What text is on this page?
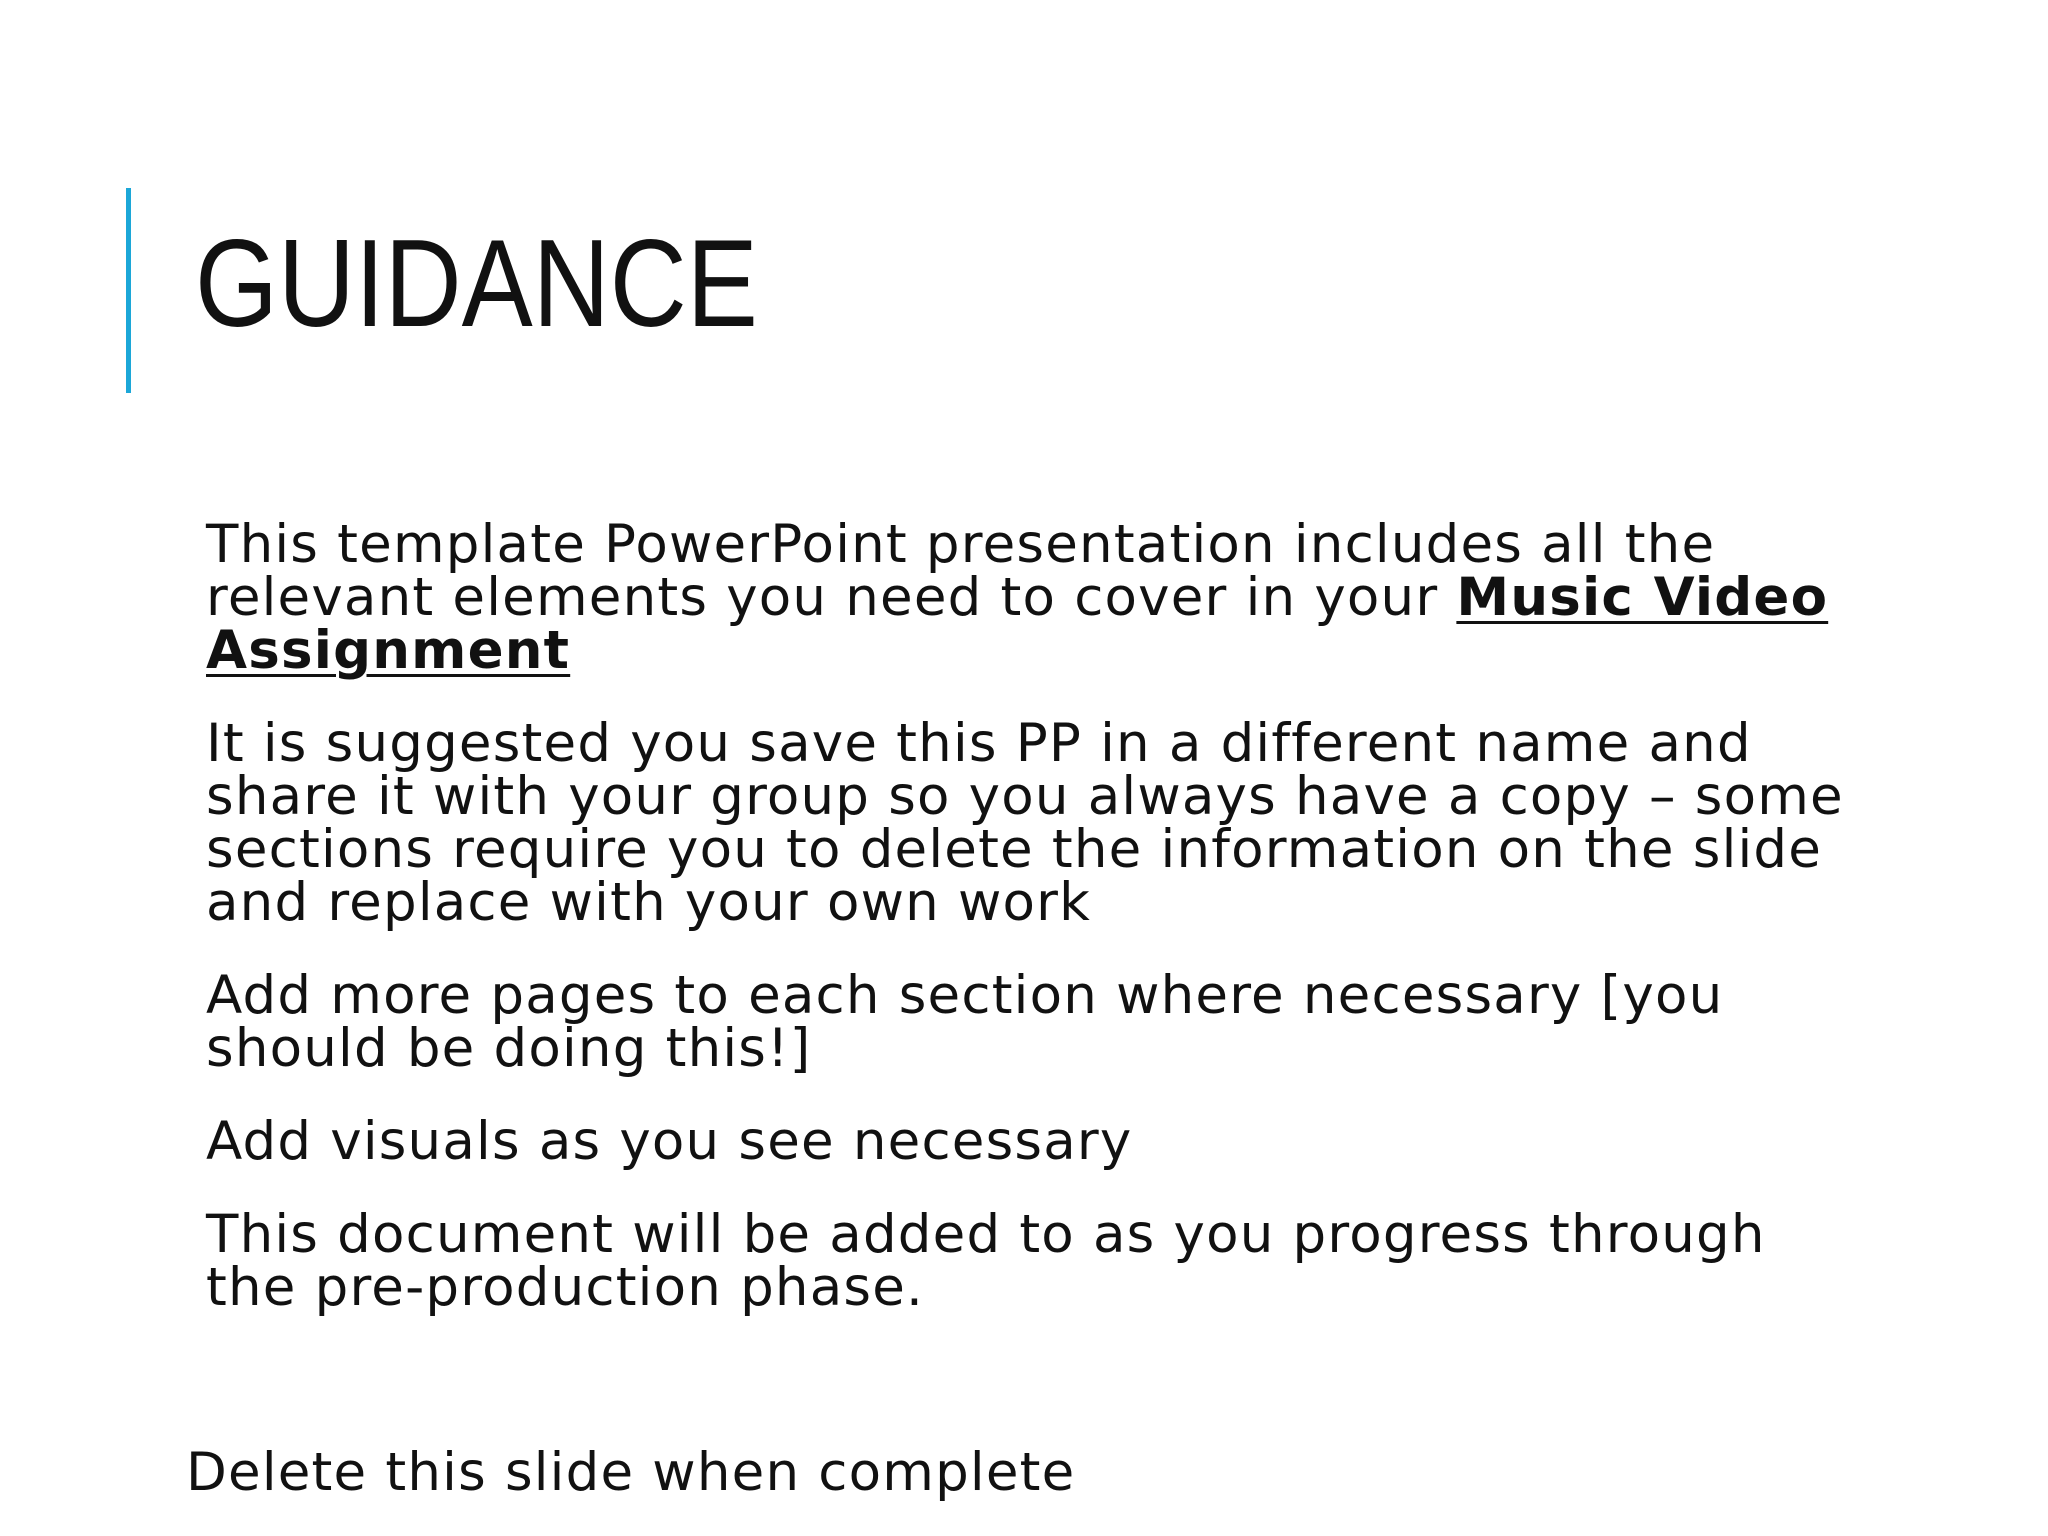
GUIDANCE

This template PowerPoint presentation includes all the relevant elements you need to cover in your Music Video Assignment

It is suggested you save this PP in a different name and share it with your group so you always have a copy – some sections require you to delete the information on the slide and replace with your own work

Add more pages to each section where necessary [you should be doing this!]

Add visuals as you see necessary

This document will be added to as you progress through the pre-production phase.

Delete this slide when complete
